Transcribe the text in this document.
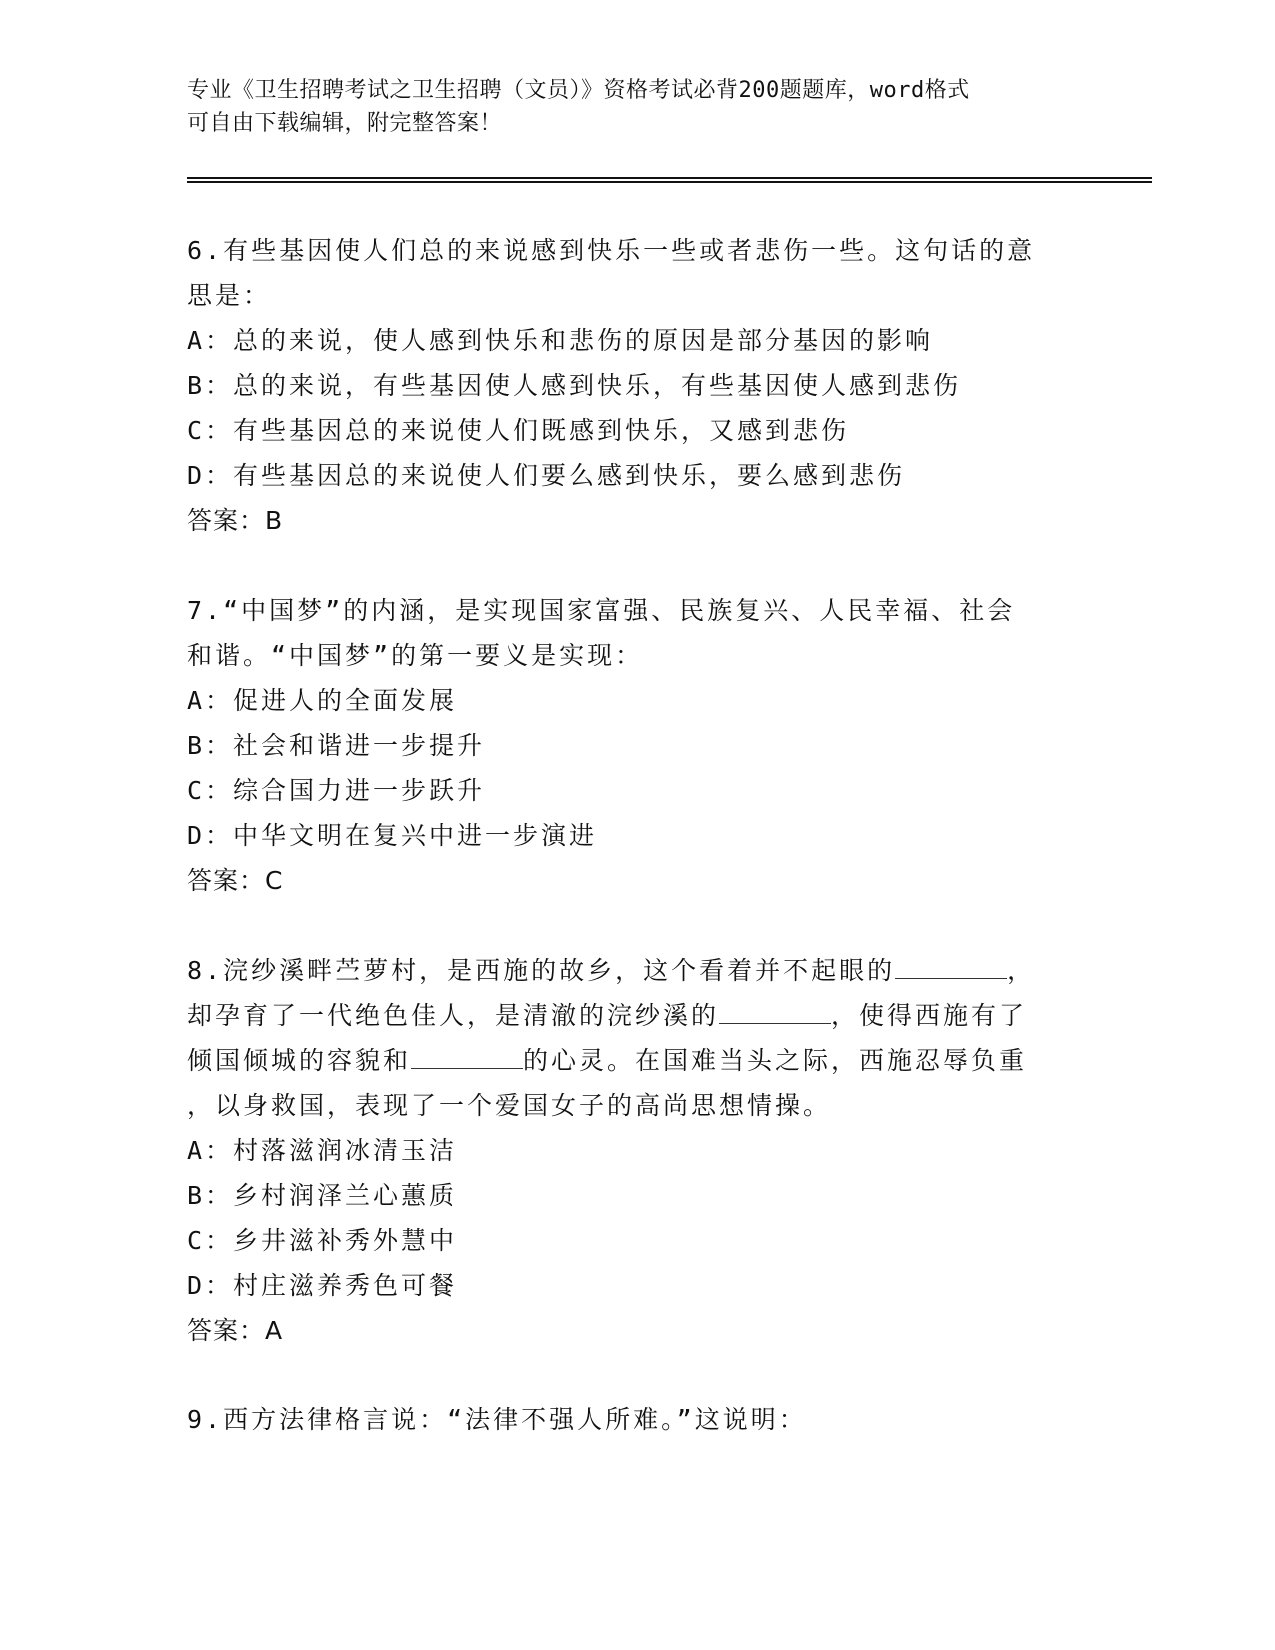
专业《卫生招聘考试之卫生招聘（文员）》资格考试必背200题题库，word格式
可自由下载编辑，附完整答案！
6.有些基因使人们总的来说感到快乐一些或者悲伤一些。这句话的意
思是：
A：总的来说，使人感到快乐和悲伤的原因是部分基因的影响
B：总的来说，有些基因使人感到快乐，有些基因使人感到悲伤
C：有些基因总的来说使人们既感到快乐，又感到悲伤
D：有些基因总的来说使人们要么感到快乐，要么感到悲伤
答案：B
7.“中国梦”的内涵，是实现国家富强、民族复兴、人民幸福、社会
和谐。“中国梦”的第一要义是实现：
A：促进人的全面发展
B：社会和谐进一步提升
C：综合国力进一步跃升
D：中华文明在复兴中进一步演进
答案：C
8.浣纱溪畔苎萝村，是西施的故乡，这个看着并不起眼的	，
却孕育了一代绝色佳人，是清澈的浣纱溪的	，使得西施有了
倾国倾城的容貌和	的心灵。在国难当头之际，西施忍辱负重
，以身救国，表现了一个爱国女子的高尚思想情操。
A：村落滋润冰清玉洁
B：乡村润泽兰心蕙质
C：乡井滋补秀外慧中
D：村庄滋养秀色可餐
答案：A
9.西方法律格言说：“法律不强人所难。”这说明：
